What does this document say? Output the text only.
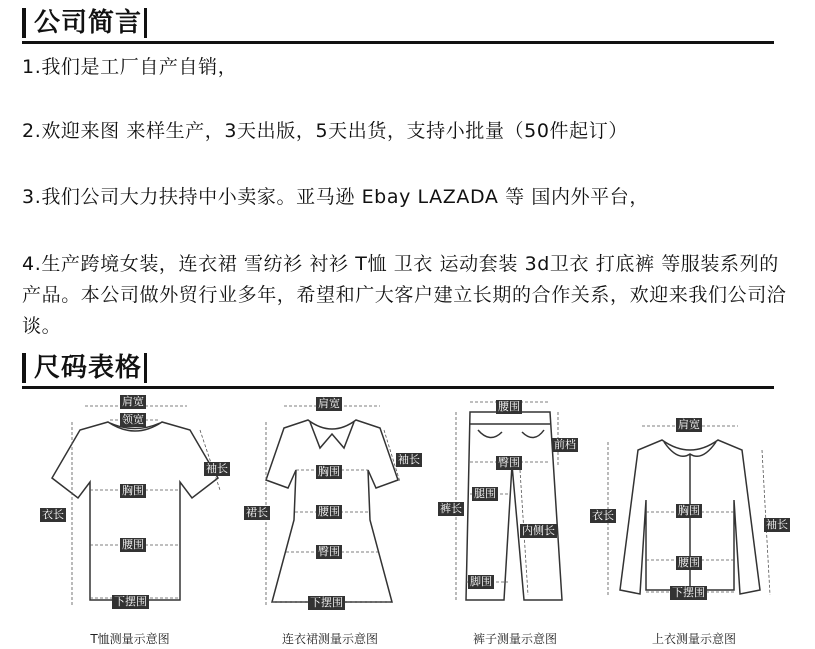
公司简言
1.我们是工厂自产自销，
2.欢迎来图 来样生产，3天出版，5天出货，支持小批量（50件起订）
3.我们公司大力扶持中小卖家。亚马逊 Ebay LAZADA 等 国内外平台，
4.生产跨境女装，连衣裙 雪纺衫 衬衫 T恤 卫衣 运动套装 3d卫衣 打底裤 等服装系列的产品。本公司做外贸行业多年，希望和广大客户建立长期的合作关系，欢迎来我们公司洽谈。
尺码表格
肩宽
领宽
袖长
胸围
衣长
腰围
下摆围
T恤测量示意图
肩宽
袖长
胸围
裙长	腰围
臀围
下摆围
连衣裙测量示意图
腰围
前档
臀围
腿围
裤长
内侧长
脚围
裤子测量示意图
肩宽
衣长	胸围
袖长
腰围
下摆围
上衣测量示意图
